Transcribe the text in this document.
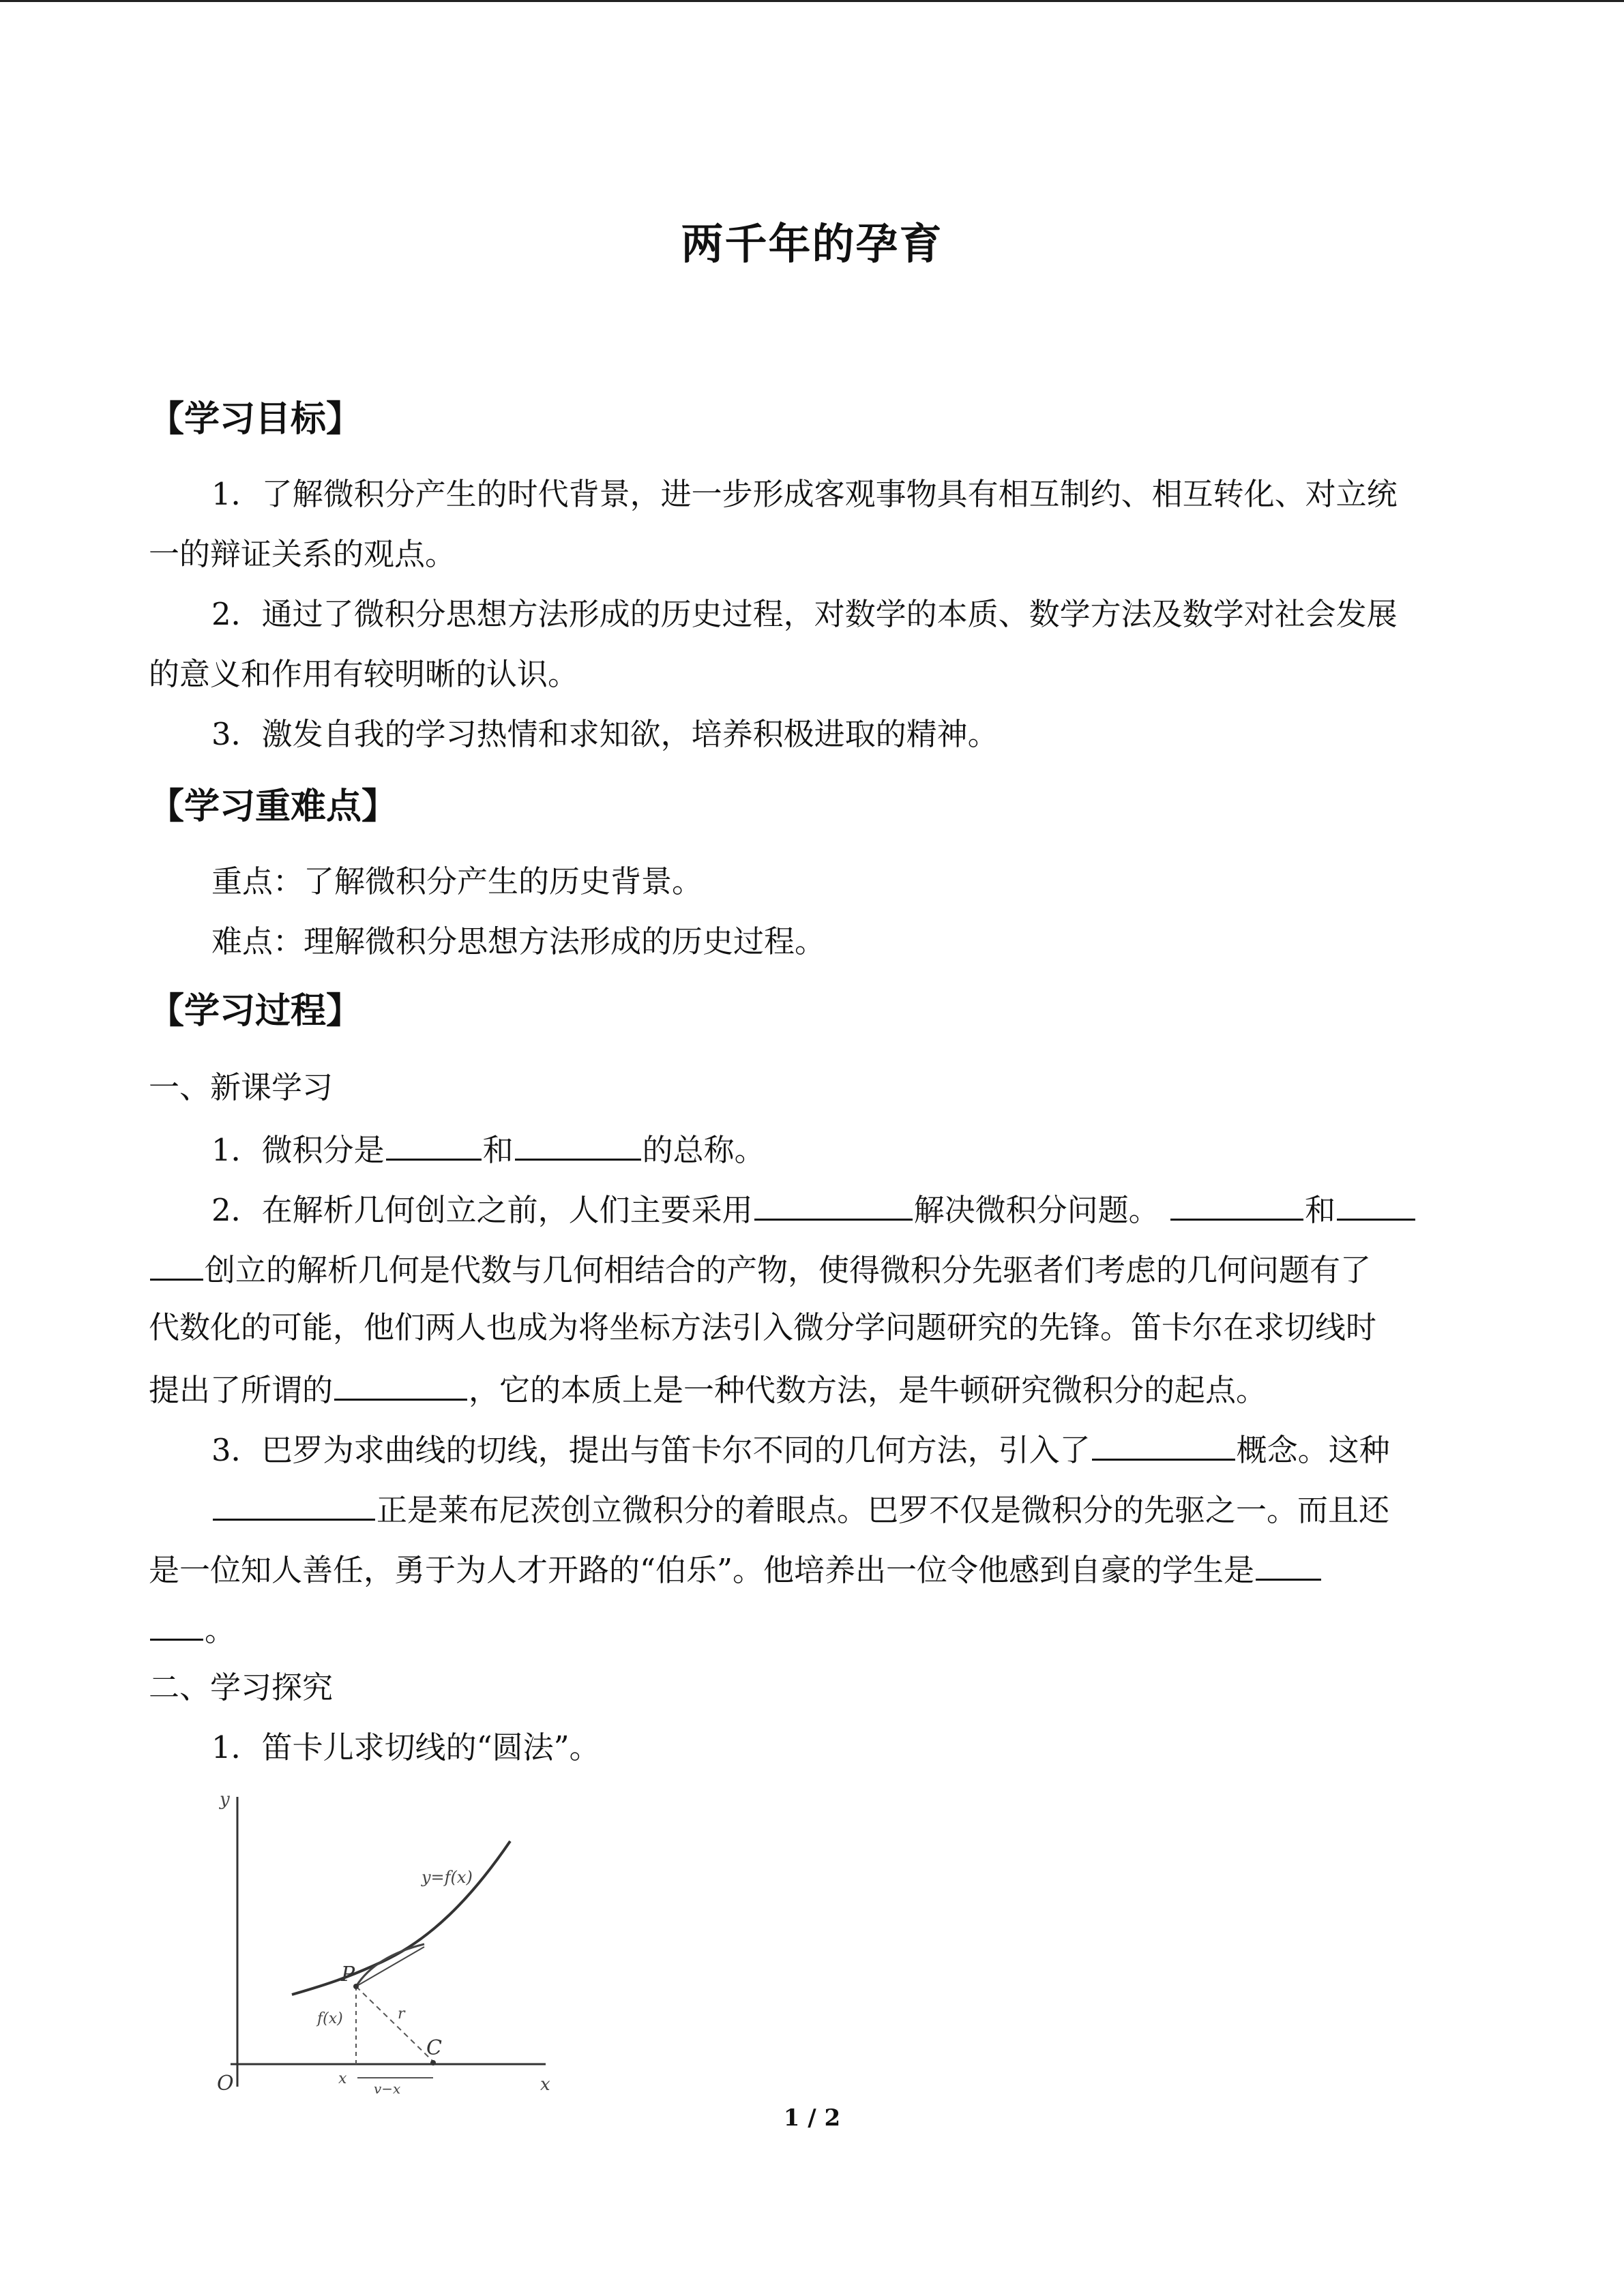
两千年的孕育
【学习目标】
1．了解微积分产生的时代背景，进一步形成客观事物具有相互制约、相互转化、对立统
一的辩证关系的观点。
2．通过了微积分思想方法形成的历史过程，对数学的本质、数学方法及数学对社会发展
的意义和作用有较明晰的认识。
3．激发自我的学习热情和求知欲，培养积极进取的精神。
【学习重难点】
重点：了解微积分产生的历史背景。
难点：理解微积分思想方法形成的历史过程。
【学习过程】
一、新课学习
1．微积分是	和	的总称。
2．在解析几何创立之前，人们主要采用	解决微积分问题。	和
创立的解析几何是代数与几何相结合的产物，使得微积分先驱者们考虑的几何问题有了
代数化的可能，他们两人也成为将坐标方法引入微分学问题研究的先锋。笛卡尔在求切线时
提出了所谓的	，它的本质上是一种代数方法，是牛顿研究微积分的起点。
3．巴罗为求曲线的切线，提出与笛卡尔不同的几何方法，引入了	概念。这种
正是莱布尼茨创立微积分的着眼点。巴罗不仅是微积分的先驱之一。而且还
是一位知人善任，勇于为人才开路的“伯乐”。他培养出一位令他感到自豪的学生是
。
二、学习探究
1．笛卡儿求切线的“圆法”。
y
x
O
y=f(x)
P
C
f(x)	r
x
v−x
1 / 2
